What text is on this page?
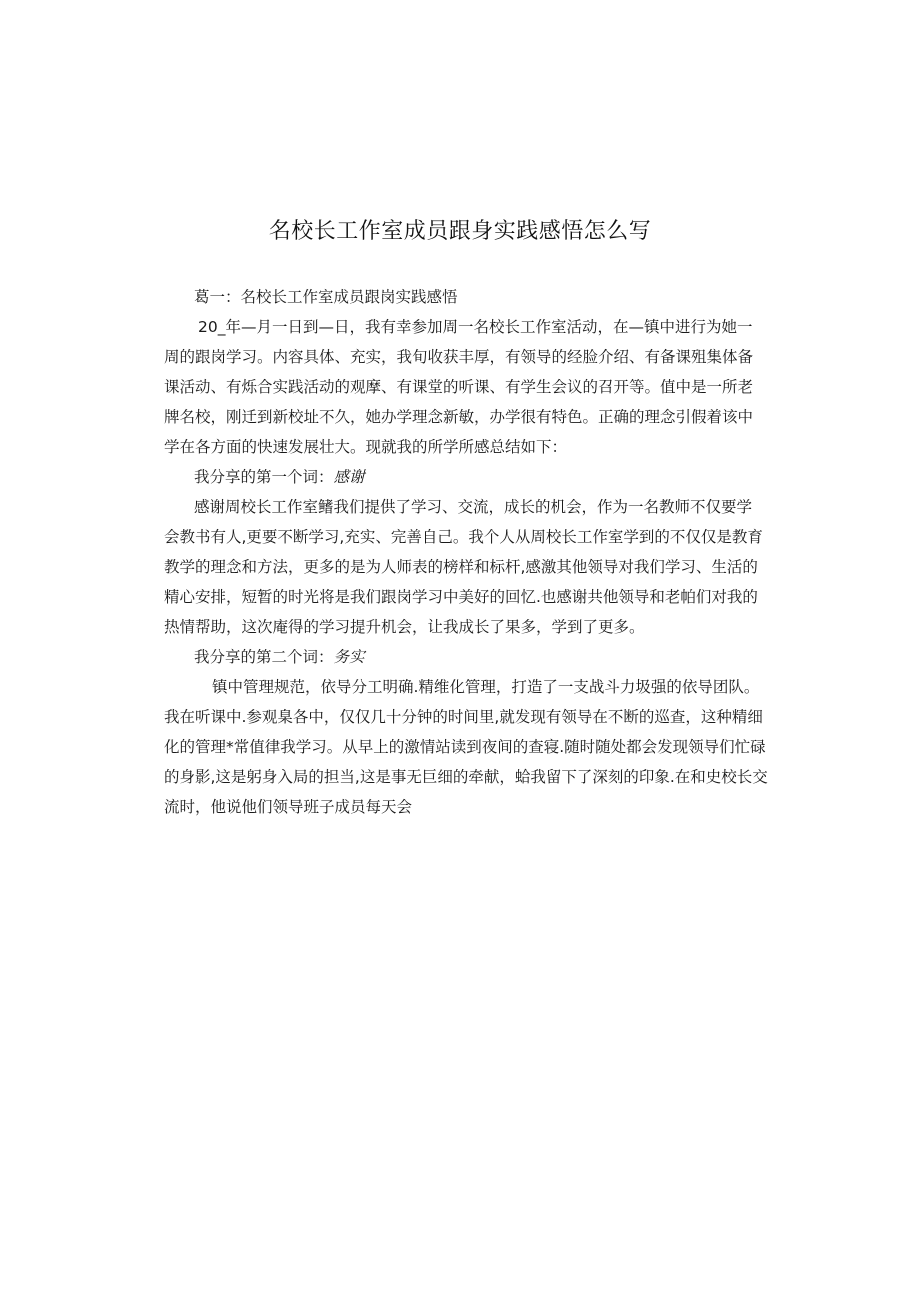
名校长工作室成员跟身实践感悟怎么写
葛一：名校长工作室成员跟岗实践感悟
20_年—月一日到—日，我有幸参加周一名校长工作室活动，在—镇中进行为她一
周的跟岗学习。内容具体、充实，我旬收获丰厚，有领导的经脸介绍、有备课殂集体备
课活动、有烁合实践活动的观摩、有课堂的听课、有学生会议的召开等。值中是一所老
牌名校，刚迁到新校址不久，她办学理念新敏，办学很有特色。正确的理念引假着该中
学在各方面的快速发展壮大。现就我的所学所感总结如下：
我分享的第一个词：感谢
感谢周校长工作室鳍我们提供了学习、交流，成长的机会，作为一名教师不仅要学
会教书有人,更要不断学习,充实、完善自己。我个人从周校长工作室学到的不仅仅是教育
教学的理念和方法，更多的是为人师表的榜样和标杆,感激其他领导对我们学习、生活的
精心安排，短暂的时光将是我们跟岗学习中美好的回忆.也感谢共他领导和老帕们对我的
热情帮助，这次庵得的学习提升机会，让我成长了果多，学到了更多。
我分享的第二个词：务实
镇中管理规范，依导分工明确.精维化管理，打造了一支战斗力圾强的依导团队。
我在听课中.参观臬各中，仅仅几十分钟的时间里,就发现有领导在不断的巡查，这种精细
化的管理*常值律我学习。从早上的激情站读到夜间的查寝.随时随处都会发现领导们忙碌
的身影,这是躬身入局的担当,这是事无巨细的牵献，蛤我留下了深刻的印象.在和史校长交
流时，他说他们领导班子成员每天会
